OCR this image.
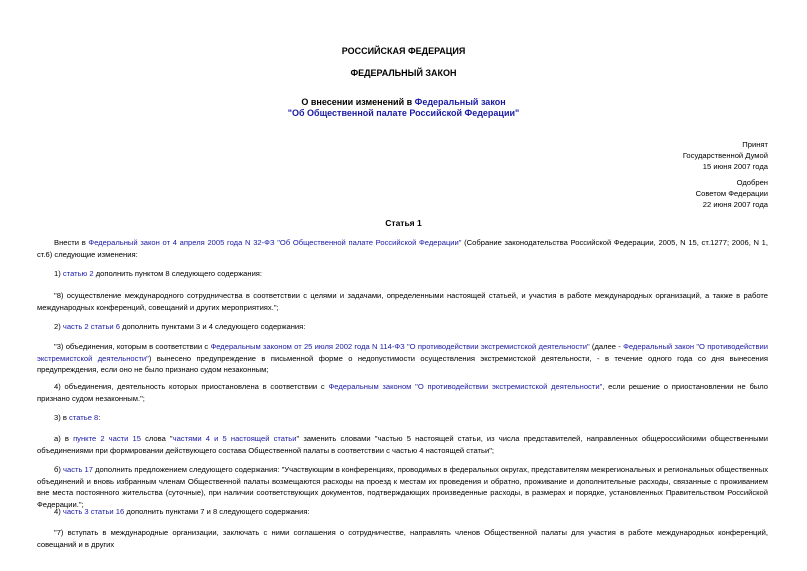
РОССИЙСКАЯ ФЕДЕРАЦИЯ
ФЕДЕРАЛЬНЫЙ ЗАКОН
О внесении изменений в Федеральный закон
"Об Общественной палате Российской Федерации"
Принят
Государственной Думой
15 июня 2007 года
Одобрен
Советом Федерации
22 июня 2007 года
Статья 1
Внести в Федеральный закон от 4 апреля 2005 года N 32-ФЗ "Об Общественной палате Российской Федерации" (Собрание законодательства Российской Федерации, 2005, N 15, ст.1277; 2006, N 1, ст.6) следующие изменения:
1) статью 2 дополнить пунктом 8 следующего содержания:
"8) осуществление международного сотрудничества в соответствии с целями и задачами, определенными настоящей статьей, и участия в работе международных организаций, а также в работе международных конференций, совещаний и других мероприятиях.";
2) часть 2 статьи 6 дополнить пунктами 3 и 4 следующего содержания:
"3) объединения, которым в соответствии с Федеральным законом от 25 июля 2002 года N 114-ФЗ "О противодействии экстремистской деятельности" (далее - Федеральный закон "О противодействии экстремистской деятельности") вынесено предупреждение в письменной форме о недопустимости осуществления экстремистской деятельности, - в течение одного года со дня вынесения предупреждения, если оно не было признано судом незаконным;
4) объединения, деятельность которых приостановлена в соответствии с Федеральным законом "О противодействии экстремистской деятельности", если решение о приостановлении не было признано судом незаконным.";
3) в статье 8:
а) в пункте 2 части 15 слова "частями 4 и 5 настоящей статьи" заменить словами "частью 5 настоящей статьи, из числа представителей, направленных общероссийскими общественными объединениями при формировании действующего состава Общественной палаты в соответствии с частью 4 настоящей статьи";
б) часть 17 дополнить предложением следующего содержания: "Участвующим в конференциях, проводимых в федеральных округах, представителям межрегиональных и региональных общественных объединений и вновь избранным членам Общественной палаты возмещаются расходы на проезд к местам их проведения и обратно, проживание и дополнительные расходы, связанные с проживанием вне места постоянного жительства (суточные), при наличии соответствующих документов, подтверждающих произведенные расходы, в размерах и порядке, установленных Правительством Российской Федерации.";
4) часть 3 статьи 16 дополнить пунктами 7 и 8 следующего содержания:
"7) вступать в международные организации, заключать с ними соглашения о сотрудничестве, направлять членов Общественной палаты для участия в работе международных конференций, совещаний и в других
